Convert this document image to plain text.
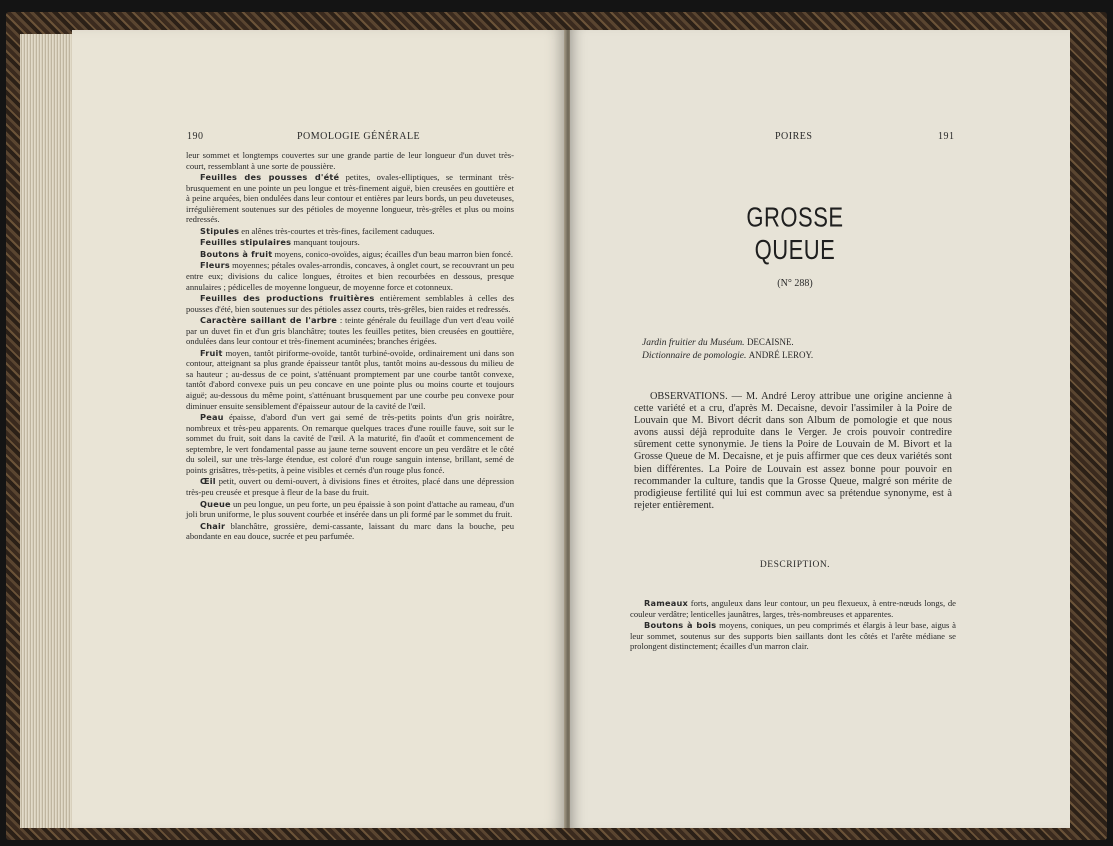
190	POMOLOGIE GÉNÉRALE

leur sommet et longtemps couvertes sur une grande partie de leur longueur d'un duvet très-court, ressemblant à une sorte de poussière.

Feuilles des pousses d'été petites, ovales-elliptiques, se terminant très-brusquement en une pointe un peu longue et très-finement aiguë, bien creusées en gouttière et à peine arquées, bien ondulées dans leur contour et entières par leurs bords, un peu duveteuses, irrégulièrement soutenues sur des pétioles de moyenne longueur, très-grêles et plus ou moins redressés.

Stipules en alênes très-courtes et très-fines, facilement caduques.

Feuilles stipulaires manquant toujours.

Boutons à fruit moyens, conico-ovoïdes, aigus; écailles d'un beau marron bien foncé.

Fleurs moyennes; pétales ovales-arrondis, concaves, à onglet court, se recouvrant un peu entre eux; divisions du calice longues, étroites et bien recourbées en dessous, presque annulaires ; pédicelles de moyenne longueur, de moyenne force et cotonneux.

Feuilles des productions fruitières entièrement semblables à celles des pousses d'été, bien soutenues sur des pétioles assez courts, très-grêles, bien raides et redressés.

Caractère saillant de l'arbre : teinte générale du feuillage d'un vert d'eau voilé par un duvet fin et d'un gris blanchâtre; toutes les feuilles petites, bien creusées en gouttière, ondulées dans leur contour et très-finement acuminées; branches érigées.

Fruit moyen, tantôt piriforme-ovoïde, tantôt turbiné-ovoïde, ordinairement uni dans son contour, atteignant sa plus grande épaisseur tantôt plus, tantôt moins au-dessous du milieu de sa hauteur ; au-dessus de ce point, s'atténuant promptement par une courbe tantôt convexe, tantôt d'abord convexe puis un peu concave en une pointe plus ou moins courte et toujours aiguë; au-dessous du même point, s'atténuant brusquement par une courbe peu convexe pour diminuer ensuite sensiblement d'épaisseur autour de la cavité de l'œil.

Peau épaisse, d'abord d'un vert gai semé de très-petits points d'un gris noirâtre, nombreux et très-peu apparents. On remarque quelques traces d'une rouille fauve, soit sur le sommet du fruit, soit dans la cavité de l'œil. A la maturité, fin d'août et commencement de septembre, le vert fondamental passe au jaune terne souvent encore un peu verdâtre et le côté du soleil, sur une très-large étendue, est coloré d'un rouge sanguin intense, brillant, semé de points grisâtres, très-petits, à peine visibles et cernés d'un rouge plus foncé.

Œil petit, ouvert ou demi-ouvert, à divisions fines et étroites, placé dans une dépression très-peu creusée et presque à fleur de la base du fruit.

Queue un peu longue, un peu forte, un peu épaissie à son point d'attache au rameau, d'un joli brun uniforme, le plus souvent courbée et insérée dans un pli formé par le sommet du fruit.

Chair blanchâtre, grossière, demi-cassante, laissant du marc dans la bouche, peu abondante en eau douce, sucrée et peu parfumée.

POIRES	191
GROSSE QUEUE
(N° 288)
Jardin fruitier du Muséum. DECAISNE.
Dictionnaire de pomologie. ANDRÉ LEROY.
OBSERVATIONS. — M. André Leroy attribue une origine ancienne à cette variété et a cru, d'après M. Decaisne, devoir l'assimiler à la Poire de Louvain que M. Bivort décrit dans son Album de pomologie et que nous avons aussi déjà reproduite dans le Verger. Je crois pouvoir contredire sûrement cette synonymie. Je tiens la Poire de Louvain de M. Bivort et la Grosse Queue de M. Decaisne, et je puis affirmer que ces deux variétés sont bien différentes. La Poire de Louvain est assez bonne pour pouvoir en recommander la culture, tandis que la Grosse Queue, malgré son mérite de prodigieuse fertilité qui lui est commun avec sa prétendue synonyme, est à rejeter entièrement.
DESCRIPTION.

Rameaux forts, anguleux dans leur contour, un peu flexueux, à entre-nœuds longs, de couleur verdâtre; lenticelles jaunâtres, larges, très-nombreuses et apparentes.

Boutons à bois moyens, coniques, un peu comprimés et élargis à leur base, aigus à leur sommet, soutenus sur des supports bien saillants dont les côtés et l'arête médiane se prolongent distinctement; écailles d'un marron clair.
